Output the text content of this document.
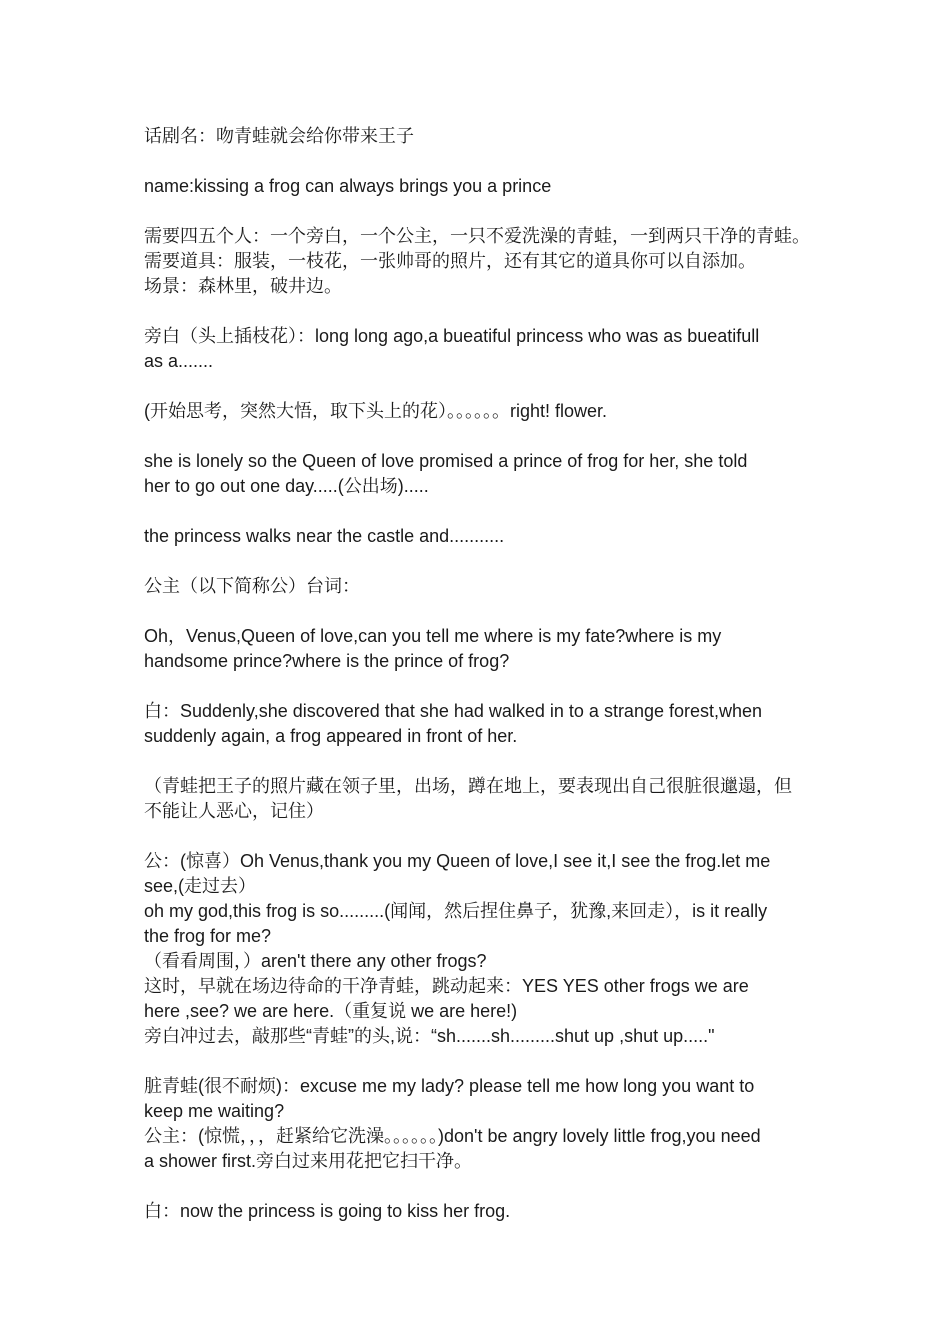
话剧名：吻青蛙就会给你带来王子
name:kissing a frog can always brings you a prince
需要四五个人：一个旁白，一个公主，一只不爱洗澡的青蛙，一到两只干净的青蛙。
需要道具：服装，一枝花，一张帅哥的照片，还有其它的道具你可以自添加。
场景：森林里，破井边。
旁白（头上插枝花）：long long ago,a bueatiful princess who was as bueatifull
as a.......
(开始思考，突然大悟，取下头上的花）。。。。。。right! flower.
she is lonely so the Queen of love promised a prince of frog for her, she told
her to go out one day.....(公出场).....
the princess walks near the castle and...........
公主（以下简称公）台词：
Oh，Venus,Queen of love,can you tell me where is my fate?where is my
handsome prince?where is the prince of frog?
白：Suddenly,she discovered that she had walked in to a strange forest,when
suddenly again, a frog appeared in front of her.
（青蛙把王子的照片藏在领子里，出场，蹲在地上，要表现出自己很脏很邋遢，但
不能让人恶心，记住）
公：(惊喜）Oh Venus,thank you my Queen of love,I see it,I see the frog.let me
see,(走过去）
oh my god,this frog is so.........(闻闻，然后捏住鼻子，犹豫,来回走），is it really
the frog for me?
（看看周围，）aren't there any other frogs?
这时，早就在场边待命的干净青蛙，跳动起来：YES YES other frogs we are
here ,see? we are here.（重复说 we are here!)
旁白冲过去，敲那些“青蛙”的头,说：“sh.......sh.........shut up ,shut up....."
脏青蛙(很不耐烦)：excuse me my lady? please tell me how long you want to
keep me waiting?
公主：(惊慌，，，赶紧给它洗澡。。。。。。)don't be angry lovely little frog,you need
a shower first.旁白过来用花把它扫干净。
白：now the princess is going to kiss her frog.
